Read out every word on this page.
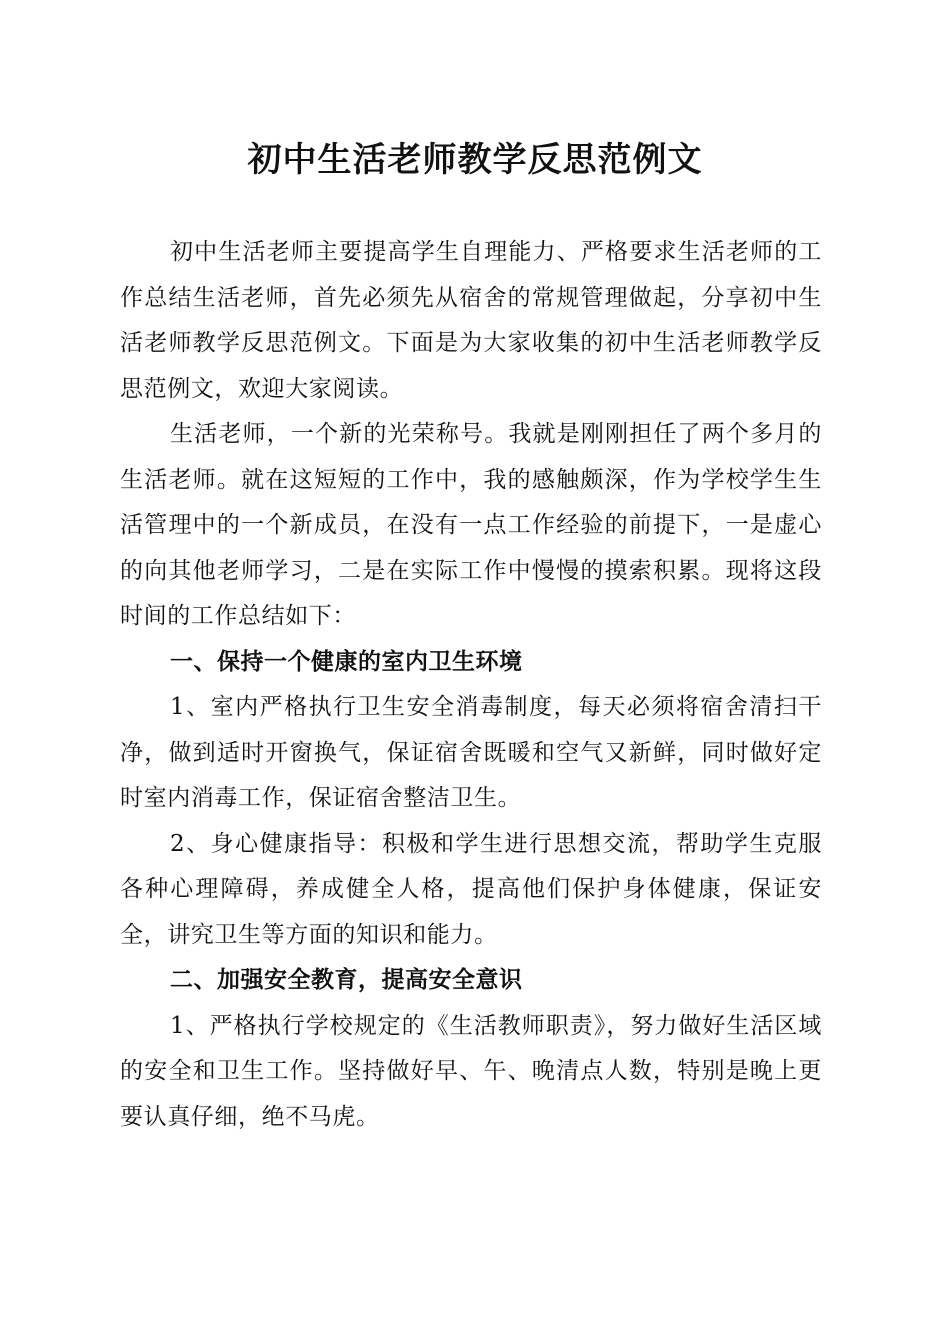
初中生活老师教学反思范例文

初中生活老师主要提高学生自理能力、严格要求生活老师的工作总结生活老师，首先必须先从宿舍的常规管理做起，分享初中生活老师教学反思范例文。下面是为大家收集的初中生活老师教学反思范例文，欢迎大家阅读。

生活老师，一个新的光荣称号。我就是刚刚担任了两个多月的生活老师。就在这短短的工作中，我的感触颇深，作为学校学生生活管理中的一个新成员，在没有一点工作经验的前提下，一是虚心的向其他老师学习，二是在实际工作中慢慢的摸索积累。现将这段时间的工作总结如下：

一、保持一个健康的室内卫生环境

1、室内严格执行卫生安全消毒制度，每天必须将宿舍清扫干净，做到适时开窗换气，保证宿舍既暖和空气又新鲜，同时做好定时室内消毒工作，保证宿舍整洁卫生。

2、身心健康指导：积极和学生进行思想交流，帮助学生克服各种心理障碍，养成健全人格，提高他们保护身体健康，保证安全，讲究卫生等方面的知识和能力。

二、加强安全教育，提高安全意识

1、严格执行学校规定的《生活教师职责》，努力做好生活区域的安全和卫生工作。坚持做好早、午、晚清点人数，特别是晚上更要认真仔细，绝不马虎。
